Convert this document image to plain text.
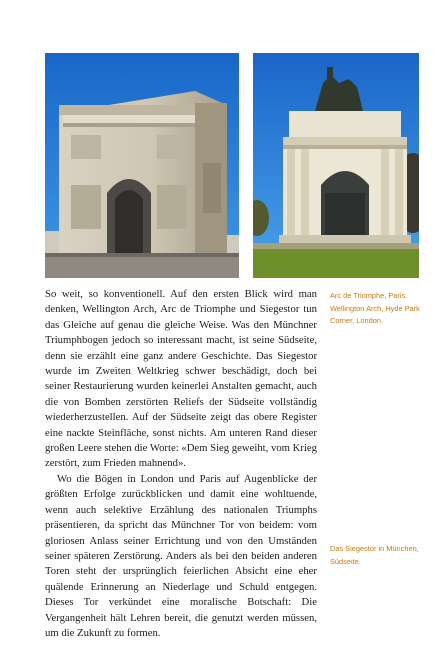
So weit, so konventionell. Auf den ersten Blick wird man denken, Wellington Arch, Arc de Triomphe und Siegestor tun das Gleiche auf genau die gleiche Weise. Was den Münchner Triumphbogen jedoch so interessant macht, ist seine Südseite, denn sie erzählt eine ganz andere Geschichte. Das Siegestor wurde im Zweiten Weltkrieg schwer beschädigt, doch bei seiner Restaurierung wurden keinerlei Anstalten gemacht, auch die von Bomben zerstörten Reliefs der Südseite vollständig wiederherzustellen. Auf der Südseite zeigt das obere Register eine nackte Steinfläche, sonst nichts. Am unteren Rand dieser großen Leere stehen die Worte: «Dem Sieg geweiht, vom Krieg zerstört, zum Frieden mahnend».

Wo die Bögen in London und Paris auf Augenblicke der größten Erfolge zurückblicken und damit eine wohltuende, wenn auch selektive Erzählung des nationalen Triumphs präsentieren, da spricht das Münchner Tor von beidem: vom gloriosen Anlass seiner Errichtung und von den Umständen seiner späteren Zerstörung. Anders als bei den beiden anderen Toren steht der ursprünglich feierlichen Absicht eine eher quälende Erinnerung an Niederlage und Schuld entgegen. Dieses Tor verkündet eine moralische Botschaft: Die Vergangenheit hält Lehren bereit, die genutzt werden müssen, um die Zukunft zu formen.

Arc de Triomphe, Paris.
Wellington Arch, Hyde Park Corner, London.
Das Siegestor in München, Südseite.
